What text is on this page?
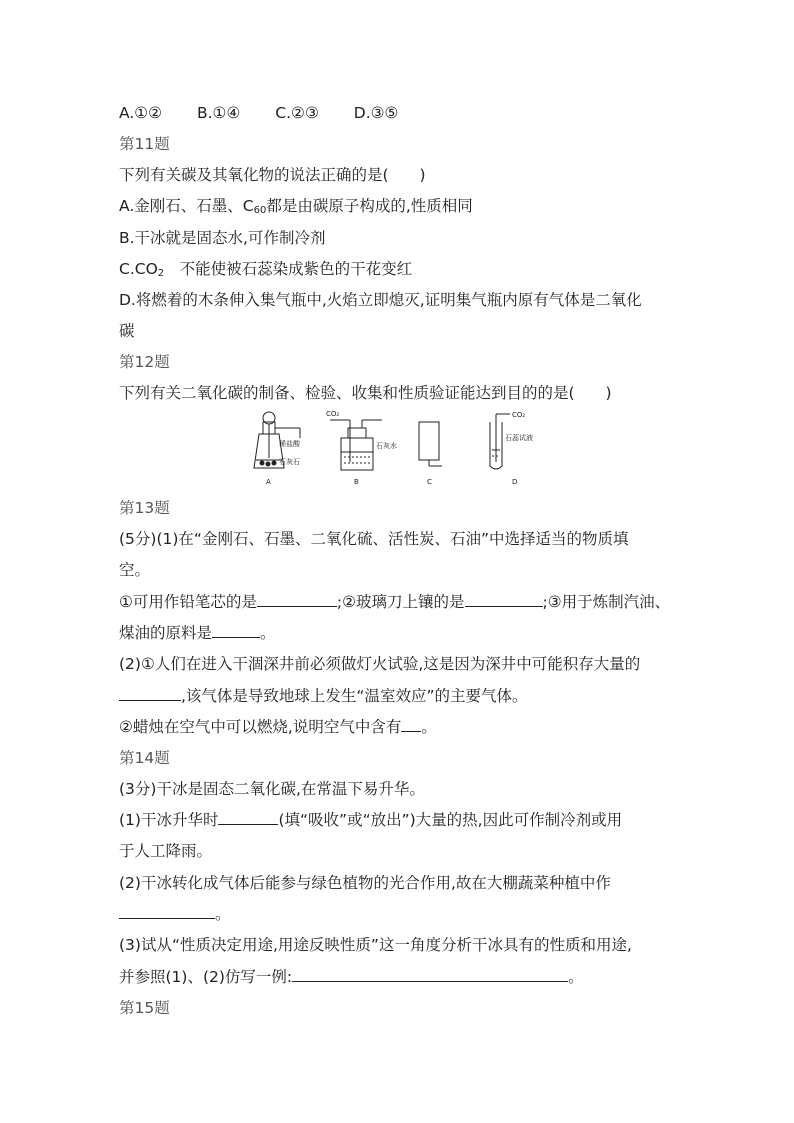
A.①② B.①④ C.②③ D.③⑤
第11题
下列有关碳及其氧化物的说法正确的是(　　)
A.金刚石、石墨、$C_{60}$都是由碳原子构成的,性质相同
B.干冰就是固态水,可作制冷剂
$C.CO_2$　不能使被石蕊染成紫色的干花变红
D.将燃着的木条伸入集气瓶中,火焰立即熄灭,证明集气瓶内原有气体是二氧化
碳
第12题
下列有关二氧化碳的制备、检验、收集和性质验证能达到目的的是(　　)
稀盐酸
石灰石
A
CO₂
石灰水
B	C
CO₂
石蕊试液
D
第13题
(5分)(1)在“金刚石、石墨、二氧化硫、活性炭、石油”中选择适当的物质填
空。
①可用作铅笔芯的是	;②玻璃刀上镶的是	;③用于炼制汽油、
煤油的原料是	。
(2)①人们在进入干涸深井前必须做灯火试验,这是因为深井中可能积存大量的
,该气体是导致地球上发生“温室效应”的主要气体。
②蜡烛在空气中可以燃烧,说明空气中含有 。
第14题
(3分)干冰是固态二氧化碳,在常温下易升华。
(1)干冰升华时	(填“吸收”或“放出”)大量的热,因此可作制冷剂或用
于人工降雨。
(2)干冰转化成气体后能参与绿色植物的光合作用,故在大棚蔬菜种植中作
。
(3)试从“性质决定用途,用途反映性质”这一角度分析干冰具有的性质和用途,
并参照(1)、(2)仿写一例:	。
第15题
